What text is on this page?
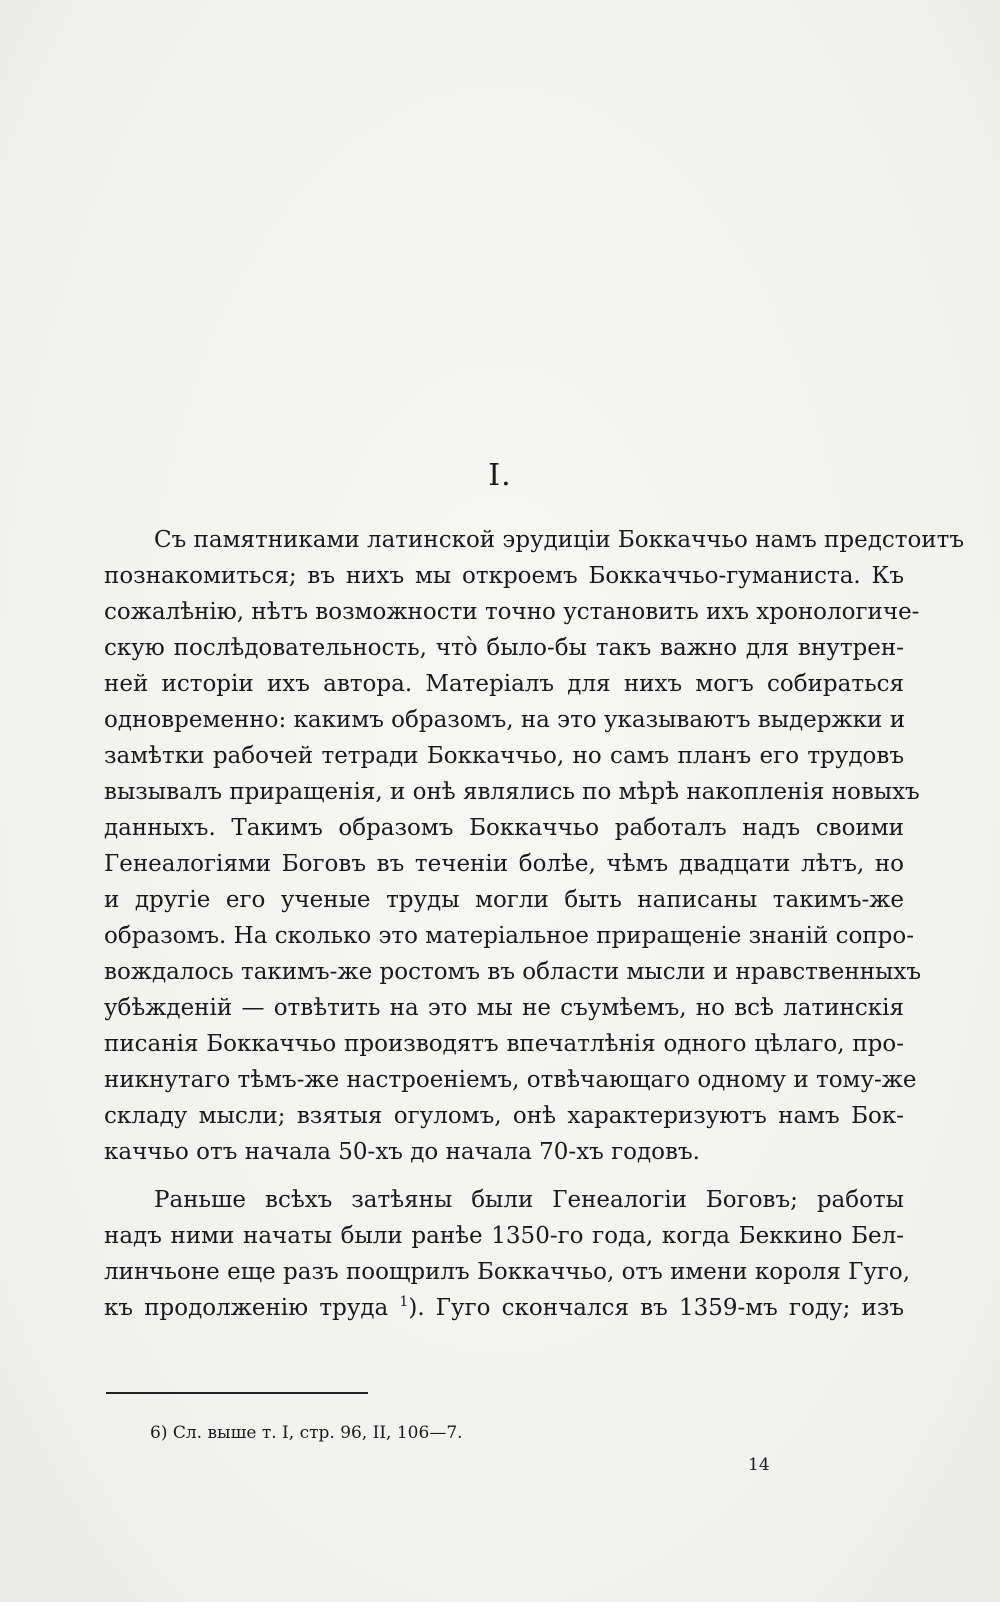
I.
Съ памятниками латинской эрудиціи Боккаччьо намъ предстоитъ
познакомиться; въ нихъ мы откроемъ Боккаччьо-гуманиста. Къ
сожалѣнію, нѣтъ возможности точно установить ихъ хронологиче-
скую послѣдовательность, что̀ было-бы такъ важно для внутрен-
ней исторіи ихъ автора. Матеріалъ для нихъ могъ собираться
одновременно: какимъ образомъ, на это указываютъ выдержки и
замѣтки рабочей тетради Боккаччьо, но самъ планъ его трудовъ
вызывалъ приращенія, и онѣ являлись по мѣрѣ накопленія новыхъ
данныхъ. Такимъ образомъ Боккаччьо работалъ надъ своими
Генеалогіями Боговъ въ теченіи болѣе, чѣмъ двадцати лѣтъ, но
и другіе его ученые труды могли быть написаны такимъ-же
образомъ. На сколько это матеріальное приращеніе знаній сопро-
вождалось такимъ-же ростомъ въ области мысли и нравственныхъ
убѣжденій — отвѣтить на это мы не съумѣемъ, но всѣ латинскія
писанія Боккаччьо производятъ впечатлѣнія одного цѣлаго, про-
никнутаго тѣмъ-же настроеніемъ, отвѣчающаго одному и тому-же
складу мысли; взятыя огуломъ, онѣ характеризуютъ намъ Бок-
каччьо отъ начала 50-хъ до начала 70-хъ годовъ.
Раньше всѣхъ затѣяны были Генеалогіи Боговъ; работы
надъ ними начаты были ранѣе 1350-го года, когда Беккино Бел-
линчьоне еще разъ поощрилъ Боккаччьо, отъ имени короля Гуго,
къ продолженію труда $^1$). Гуго скончался въ 1359-мъ году; изъ
6) Сл. выше т. I, стр. 96, II, 106—7.
14
